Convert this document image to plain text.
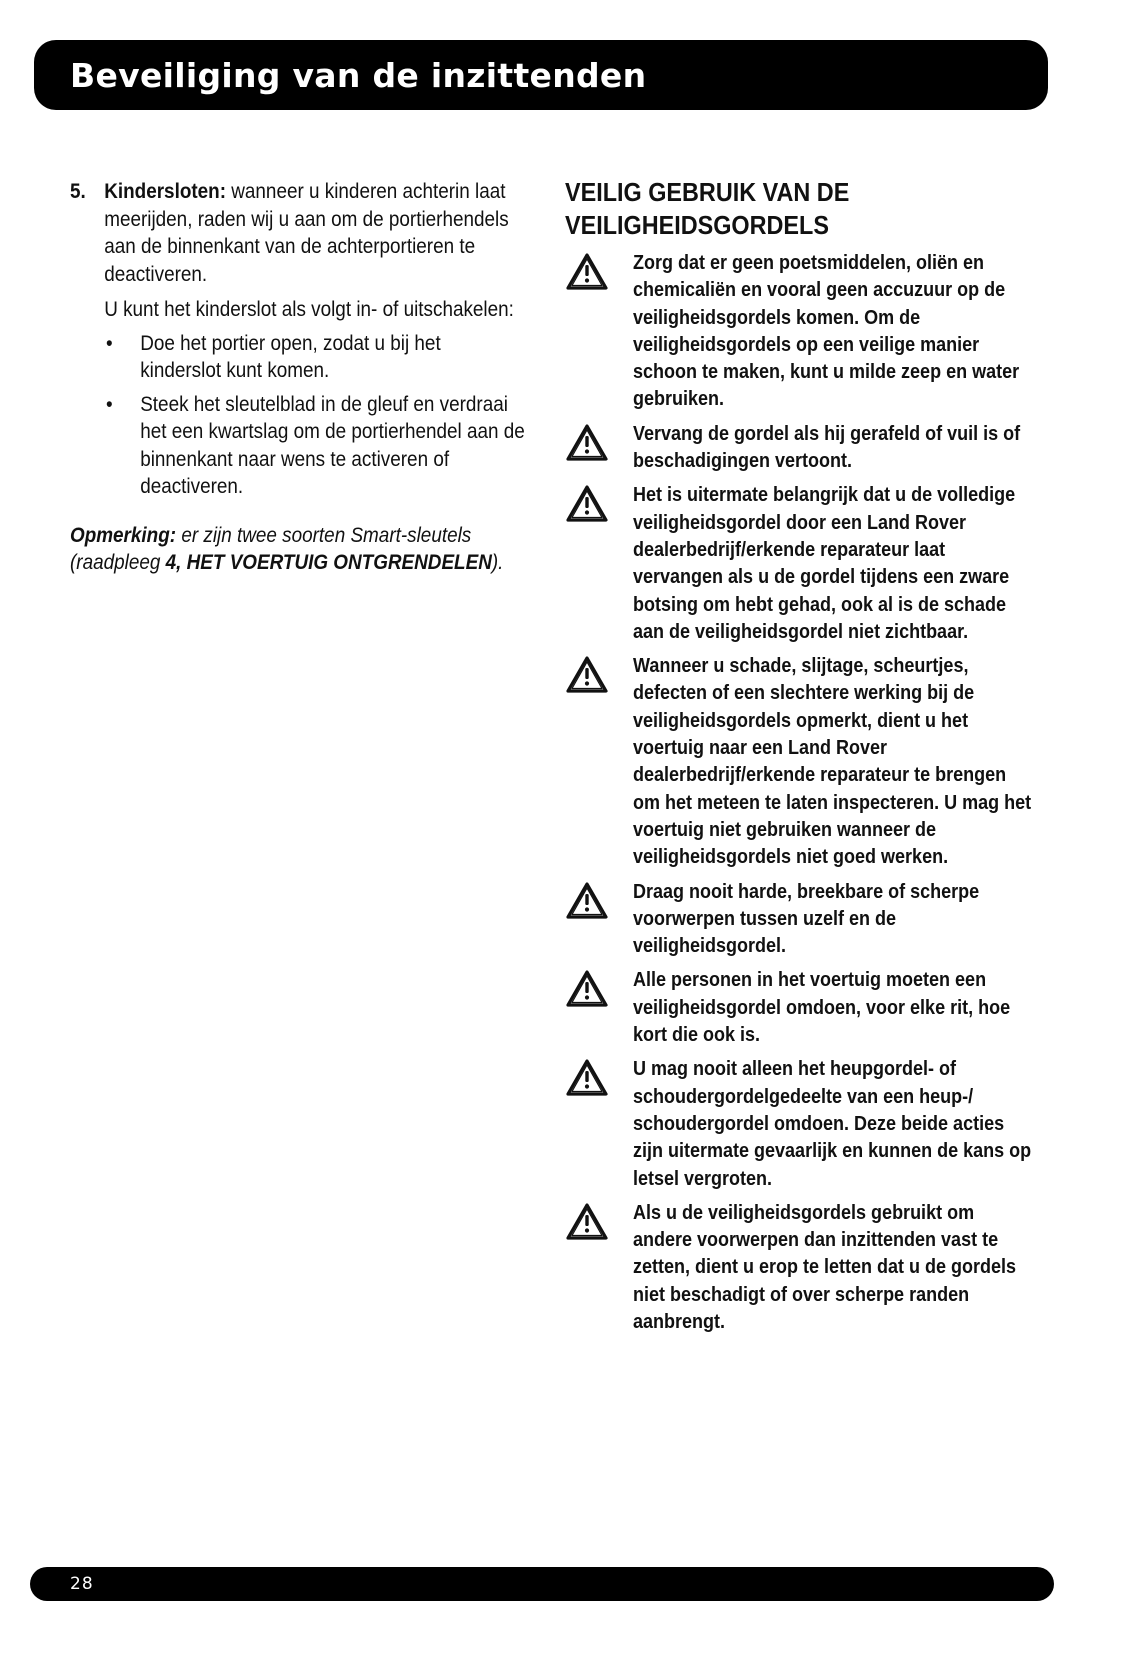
Beveiliging van de inzittenden
5. Kindersloten: wanneer u kinderen achterin laat meerijden, raden wij u aan om de portierhendels aan de binnenkant van de achterportieren te deactiveren.
U kunt het kinderslot als volgt in- of uitschakelen:
•	Doe het portier open, zodat u bij het kinderslot kunt komen.
•	Steek het sleutelblad in de gleuf en verdraai het een kwartslag om de portierhendel aan de binnenkant naar wens te activeren of deactiveren.
Opmerking: er zijn twee soorten Smart-sleutels (raadpleeg 4, HET VOERTUIG ONTGRENDELEN).
VEILIG GEBRUIK VAN DE VEILIGHEIDSGORDELS
Zorg dat er geen poetsmiddelen, oliën en chemicaliën en vooral geen accuzuur op de veiligheidsgordels komen. Om de veiligheidsgordels op een veilige manier schoon te maken, kunt u milde zeep en water gebruiken.
Vervang de gordel als hij gerafeld of vuil is of beschadigingen vertoont.
Het is uitermate belangrijk dat u de volledige veiligheidsgordel door een Land Rover dealerbedrijf/erkende reparateur laat vervangen als u de gordel tijdens een zware botsing om hebt gehad, ook al is de schade aan de veiligheidsgordel niet zichtbaar.
Wanneer u schade, slijtage, scheurtjes, defecten of een slechtere werking bij de veiligheidsgordels opmerkt, dient u het voertuig naar een Land Rover dealerbedrijf/erkende reparateur te brengen om het meteen te laten inspecteren. U mag het voertuig niet gebruiken wanneer de veiligheidsgordels niet goed werken.
Draag nooit harde, breekbare of scherpe voorwerpen tussen uzelf en de veiligheidsgordel.
Alle personen in het voertuig moeten een veiligheidsgordel omdoen, voor elke rit, hoe kort die ook is.
U mag nooit alleen het heupgordel- of schoudergordelgedeelte van een heup-/ schoudergordel omdoen. Deze beide acties zijn uitermate gevaarlijk en kunnen de kans op letsel vergroten.
Als u de veiligheidsgordels gebruikt om andere voorwerpen dan inzittenden vast te zetten, dient u erop te letten dat u de gordels niet beschadigt of over scherpe randen aanbrengt.
28
